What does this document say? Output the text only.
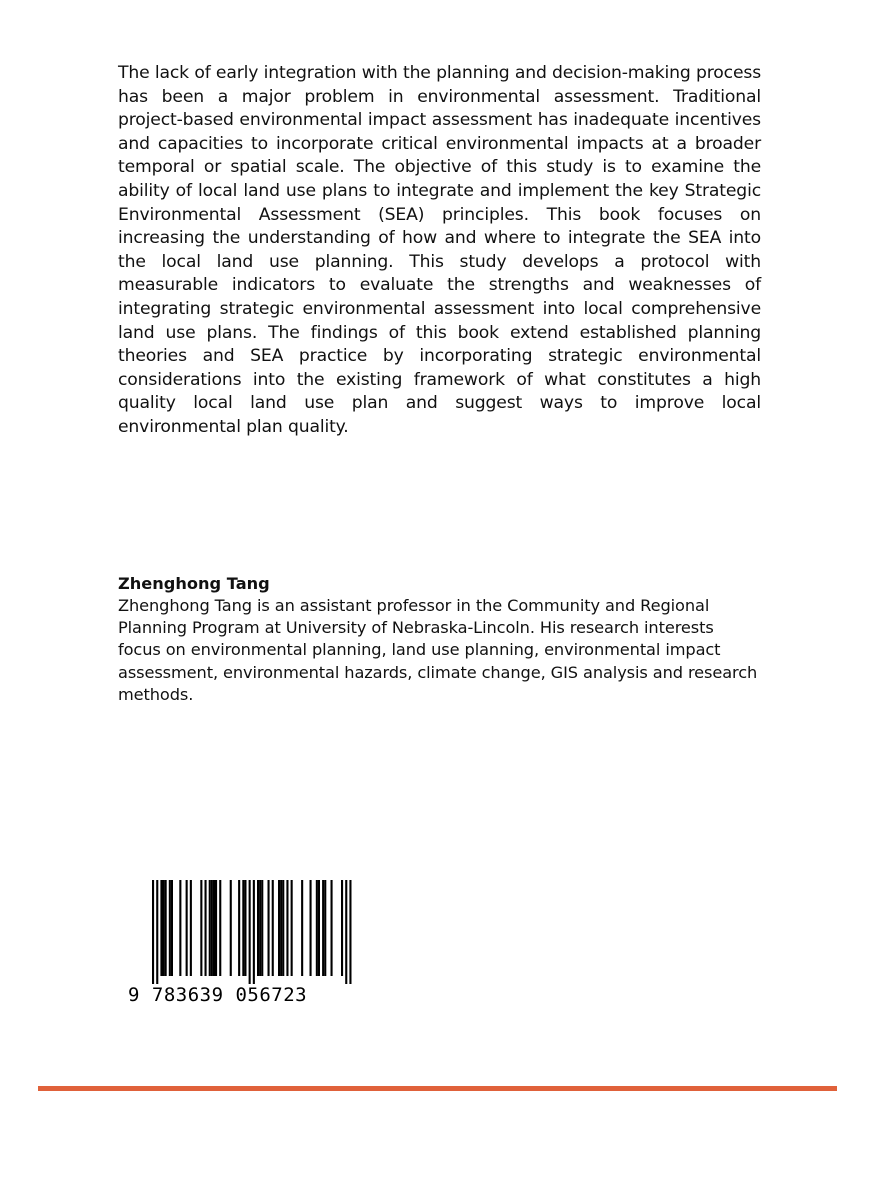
The lack of early integration with the planning and decision-making process has been a major problem in environmental assessment. Traditional project-based environmental impact assessment has inadequate incentives and capacities to incorporate critical environmental impacts at a broader temporal or spatial scale. The objective of this study is to examine the ability of local land use plans to integrate and implement the key Strategic Environmental Assessment (SEA) principles. This book focuses on increasing the understanding of how and where to integrate the SEA into the local land use planning. This study develops a protocol with measurable indicators to evaluate the strengths and weaknesses of integrating strategic environmental assessment into local comprehensive land use plans. The findings of this book extend established planning theories and SEA practice by incorporating strategic environmental considerations into the existing framework of what constitutes a high quality local land use plan and suggest ways to improve local environmental plan quality.

Zhenghong Tang

Zhenghong Tang is an assistant professor in the Community and Regional Planning Program at University of Nebraska-Lincoln. His research interests focus on environmental planning, land use planning, environmental impact assessment, environmental hazards, climate change, GIS analysis and research methods.

9 783639 056723
